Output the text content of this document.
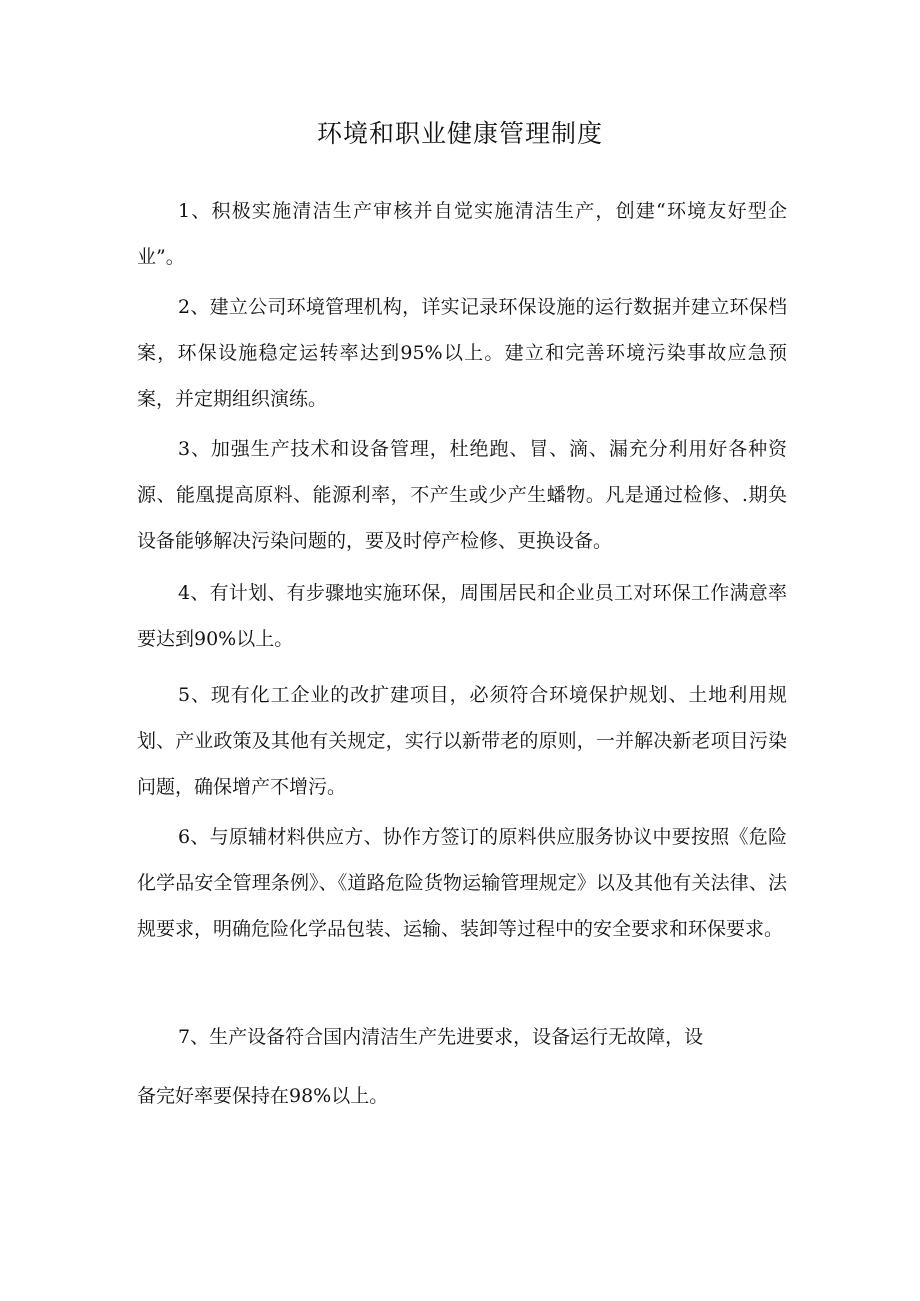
环境和职业健康管理制度

1、积极实施清洁生产审核并自觉实施清洁生产，创建“环境友好型企业”。

2、建立公司环境管理机构，详实记录环保设施的运行数据并建立环保档案，环保设施稳定运转率达到95%以上。建立和完善环境污染事故应急预案，并定期组织演练。

3、加强生产技术和设备管理，杜绝跑、冒、滴、漏充分利用好各种资源、能凰提高原料、能源利率，不产生或少产生蟠物。凡是通过检修、.期奂设备能够解决污染问题的，要及时停产检修、更换设备。

4、有计划、有步骤地实施环保，周围居民和企业员工对环保工作满意率要达到90%以上。

5、现有化工企业的改扩建项目，必须符合环境保护规划、土地利用规划、产业政策及其他有关规定，实行以新带老的原则，一并解决新老项目污染问题，确保增产不增污。

6、与原辅材料供应方、协作方签订的原料供应服务协议中要按照《危险化学品安全管理条例》、《道路危险货物运输管理规定》以及其他有关法律、法规要求，明确危险化学品包装、运输、装卸等过程中的安全要求和环保要求。

7、生产设备符合国内清洁生产先进要求，设备运行无故障，设
备完好率要保持在98%以上。
